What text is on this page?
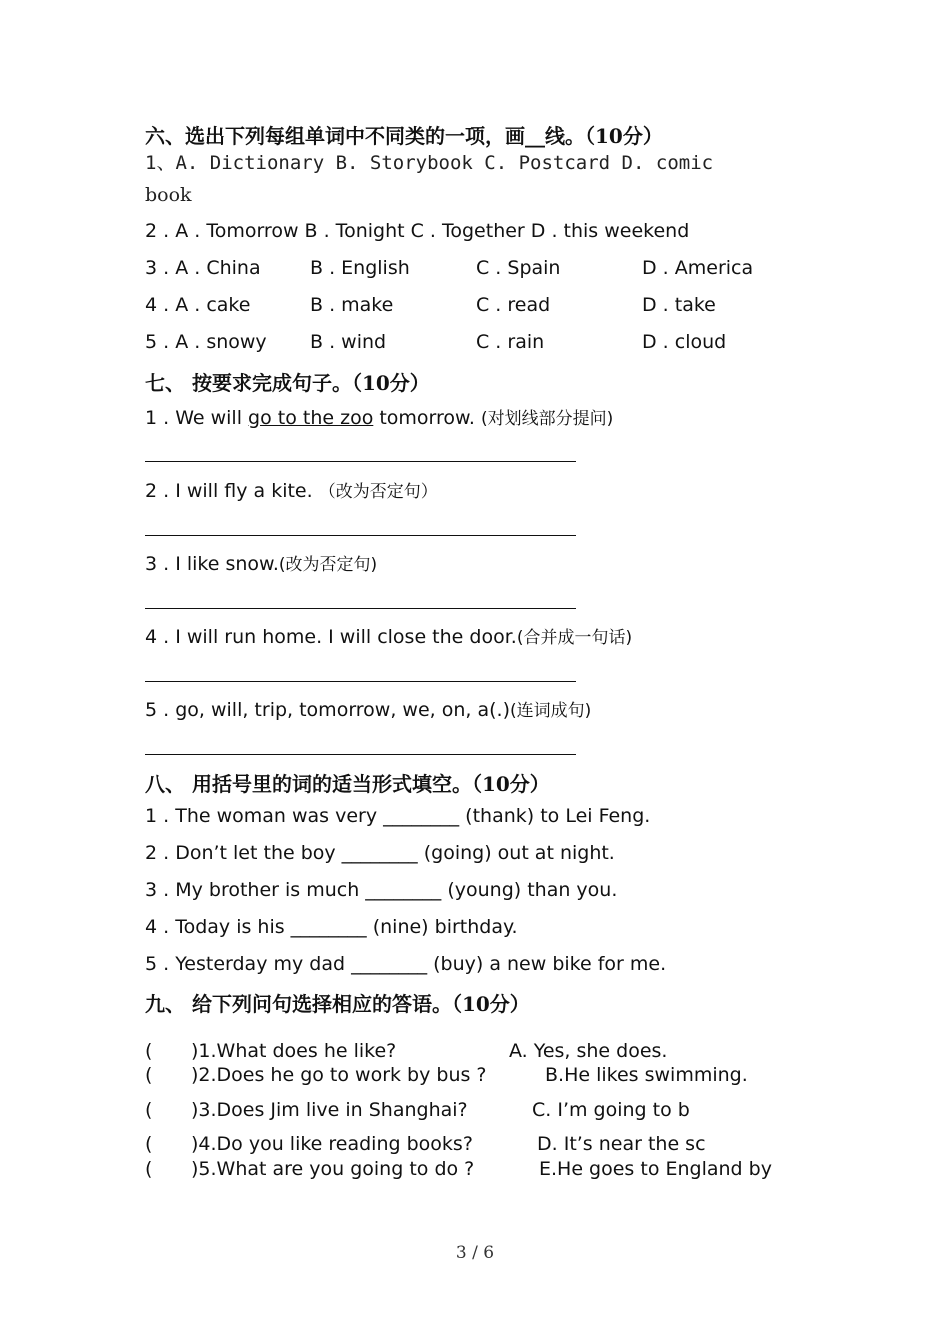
六、选出下列每组单词中不同类的一项，画__线。（10分）
1、A. Dictionary B. Storybook C. Postcard D. comic
book
2 . A . Tomorrow B . Tonight C . Together D . this weekend
3 . A . China	B . English	C . Spain	D . America
4 . A . cake	B . make	C . read	D . take
5 . A . snowy B . wind	C . rain	D . cloud
七、 按要求完成句子。（10分）
1 . We will go to the zoo tomorrow. (对划线部分提问)
2 . I will fly a kite. （改为否定句）
3 . I like snow.(改为否定句)
4 . I will run home. I will close the door.(合并成一句话)
5 . go, will, trip, tomorrow, we, on, a(.)(连词成句)
八、 用括号里的词的适当形式填空。（10分）
1 . The woman was very ________ (thank) to Lei Feng.
2 . Don’t let the boy ________ (going) out at night.
3 . My brother is much ________ (young) than you.
4 . Today is his ________ (nine) birthday.
5 . Yesterday my dad ________ (buy) a new bike for me.
九、 给下列问句选择相应的答语。（10分）
( )1.What does he like?	A. Yes, she does.
( )2.Does he go to work by bus ?	B.He likes swimming.
( )3.Does Jim live in Shanghai?	C. I’m going to b
( )4.Do you like reading books?	D. It’s near the sc
( )5.What are you going to do ?	E.He goes to England by
3 / 6
